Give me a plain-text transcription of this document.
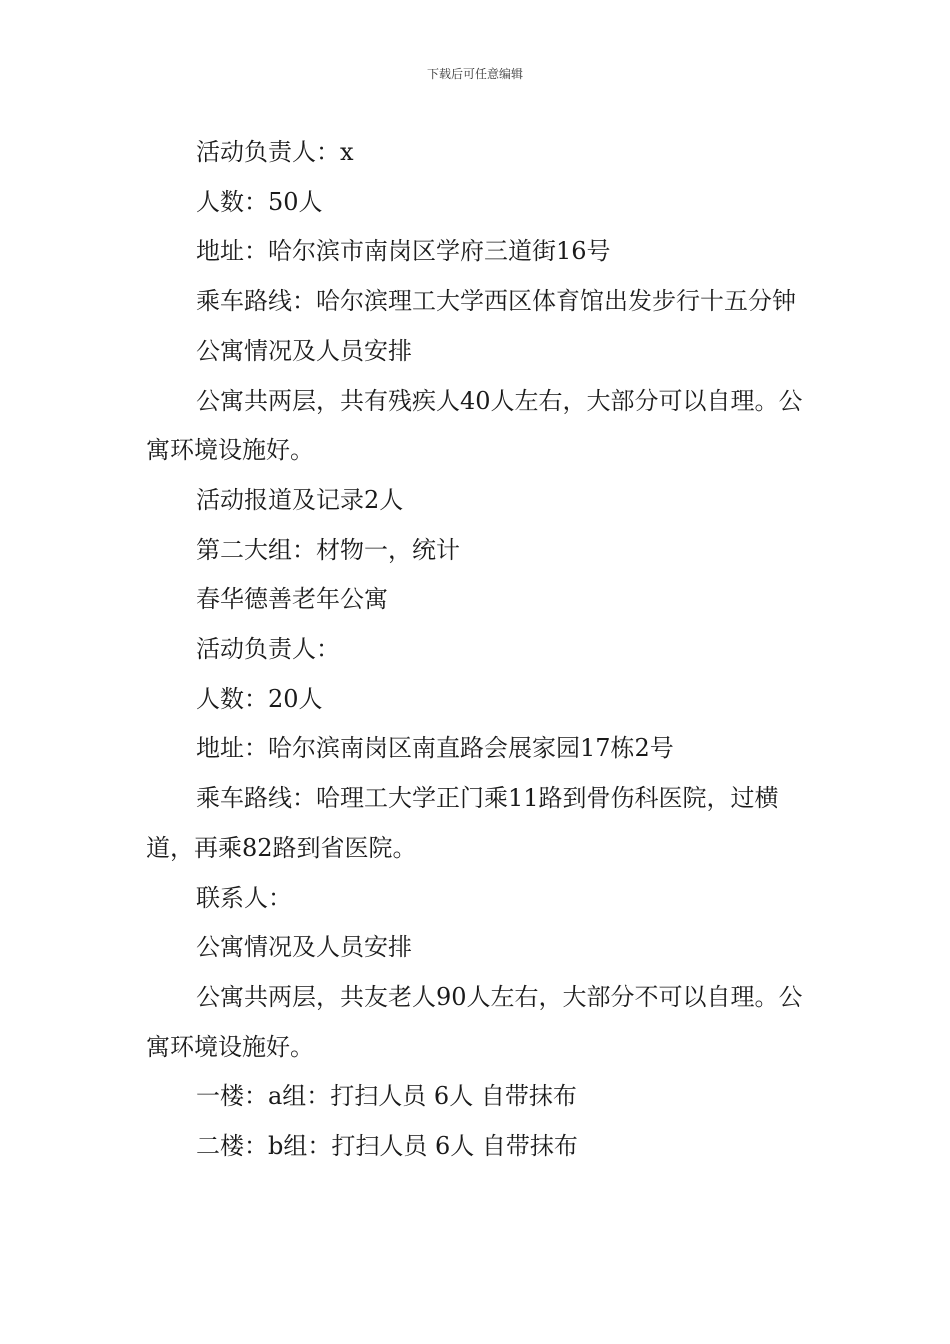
下载后可任意编辑

活动负责人：x

人数：50人

地址：哈尔滨市南岗区学府三道街16号

乘车路线：哈尔滨理工大学西区体育馆出发步行十五分钟

公寓情况及人员安排

公寓共两层，共有残疾人40人左右，大部分可以自理。公寓环境设施好。

活动报道及记录2人

第二大组：材物一，统计

春华德善老年公寓

活动负责人：

人数：20人

地址：哈尔滨南岗区南直路会展家园17栋2号

乘车路线：哈理工大学正门乘11路到骨伤科医院，过横道，再乘82路到省医院。

联系人：

公寓情况及人员安排

公寓共两层，共友老人90人左右，大部分不可以自理。公寓环境设施好。

一楼：a组：打扫人员 6人 自带抹布

二楼：b组：打扫人员 6人 自带抹布
